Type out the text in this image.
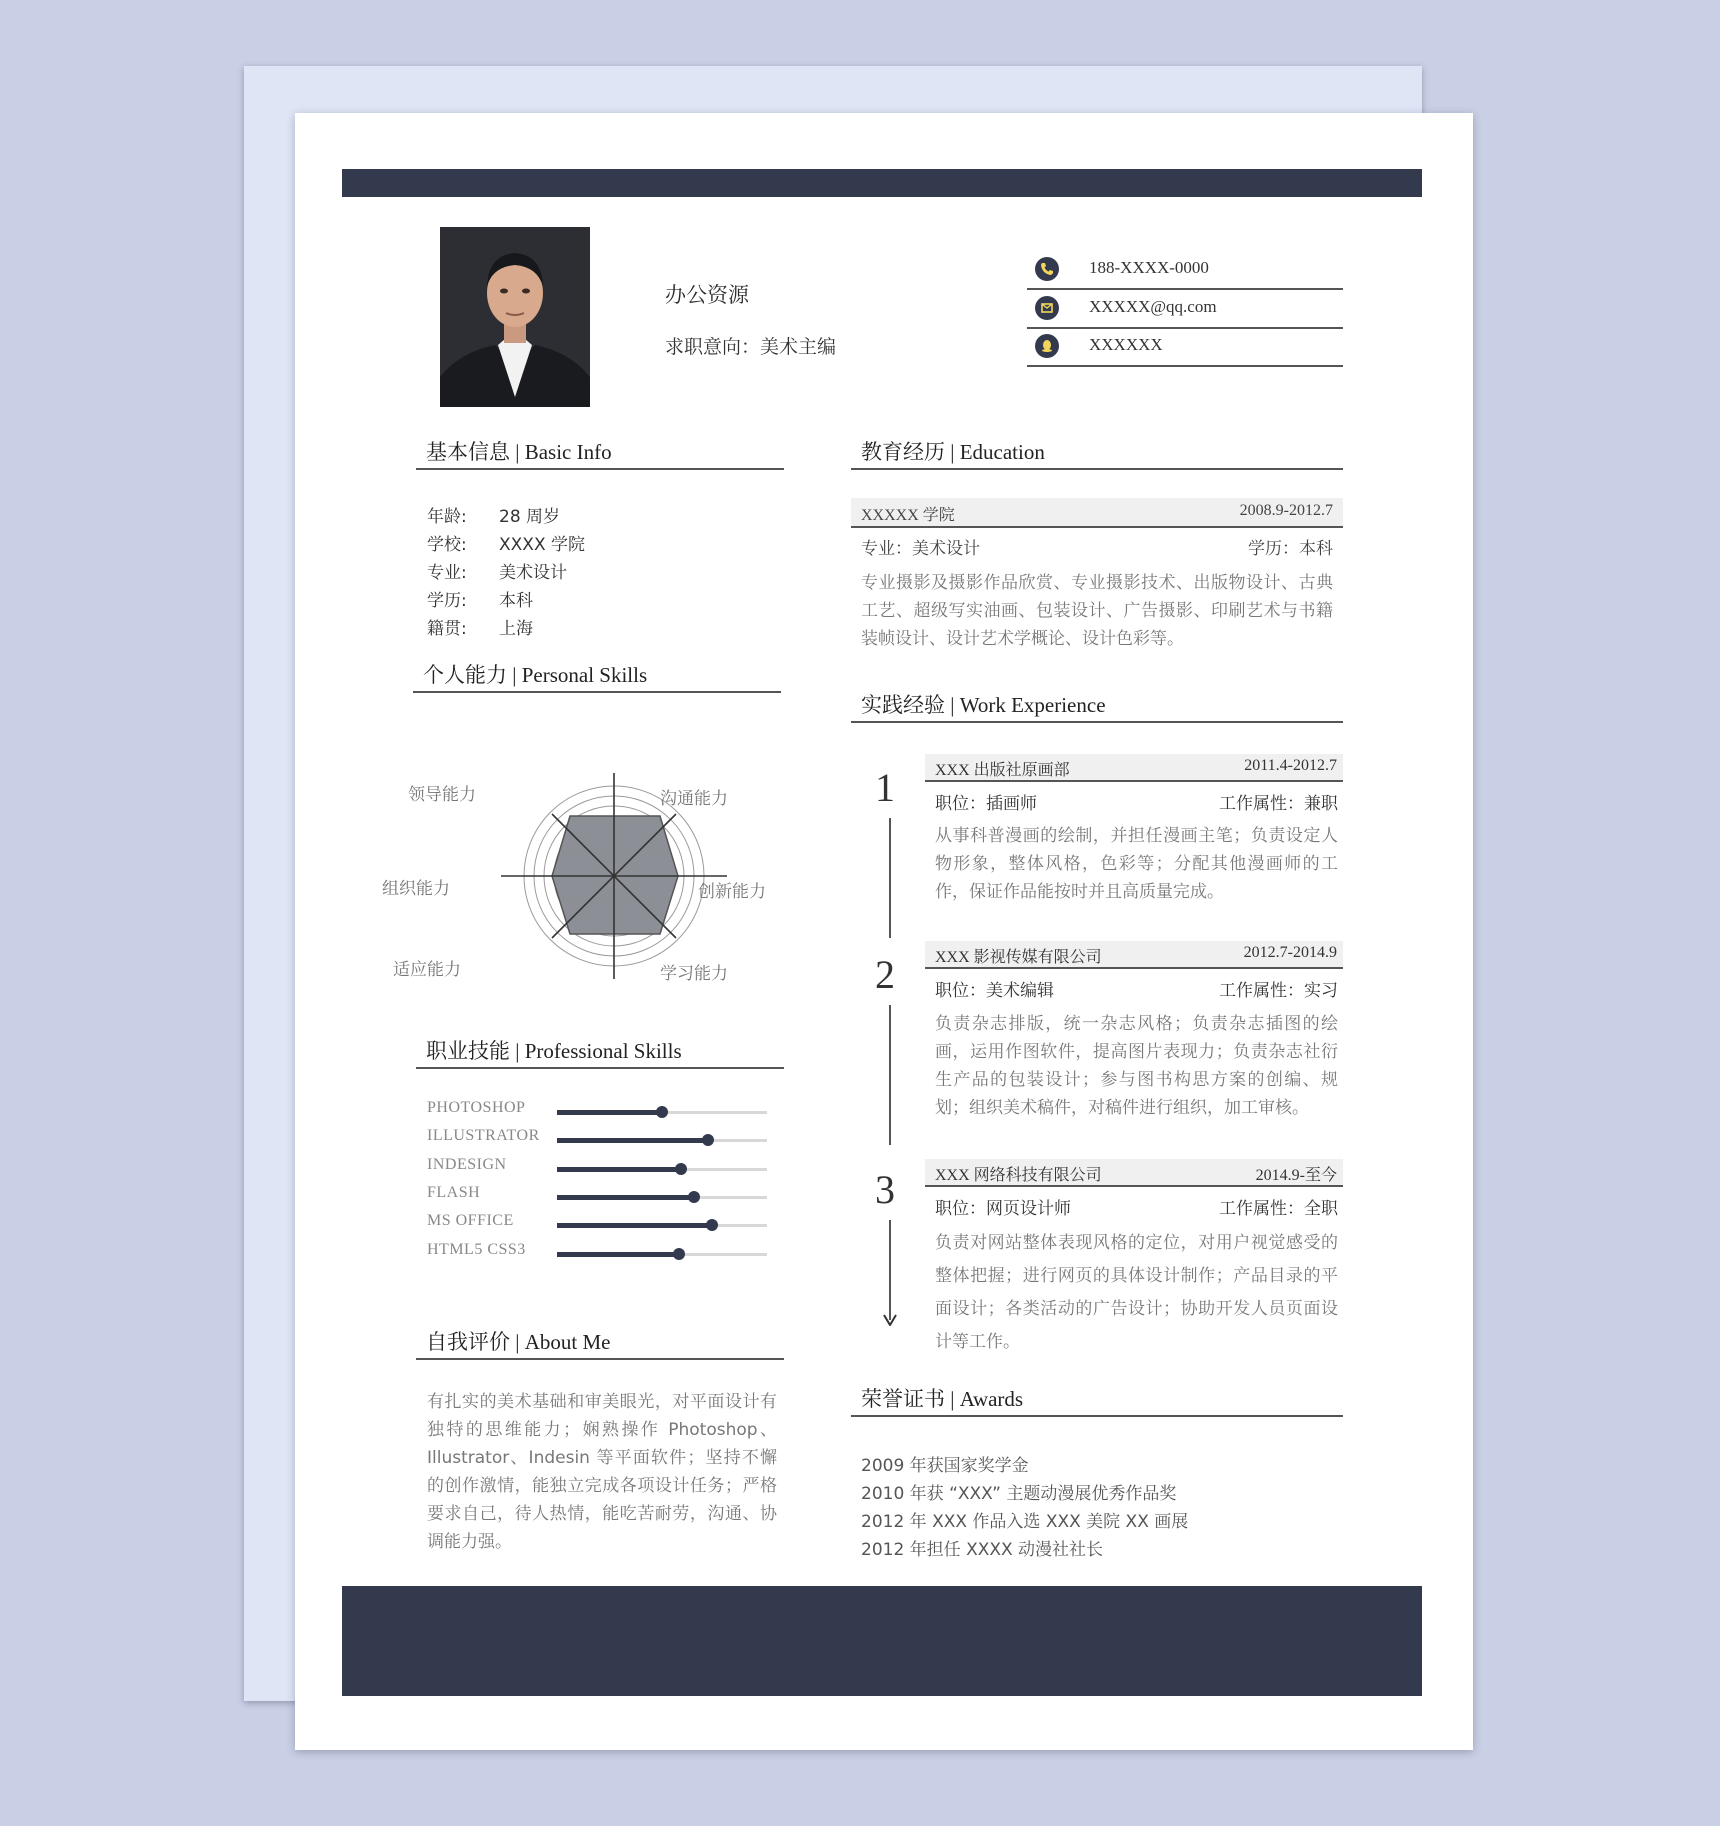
办公资源
求职意向：美术主编
188-XXXX-0000
XXXXX@qq.com
XXXXXX
基本信息 | Basic Info
年龄: 28 周岁
学校: XXXX 学院
专业: 美术设计
学历: 本科
籍贯: 上海
个人能力 | Personal Skills
领导能力	沟通能力
组织能力	创新能力
适应能力	学习能力
职业技能 | Professional Skills
PHOTOSHOP
ILLUSTRATOR
INDESIGN
FLASH
MS OFFICE
HTML5 CSS3
自我评价 | About Me
有扎实的美术基础和审美眼光，对平面设计有独特的思维能力；娴熟操作 Photoshop、Illustrator、Indesin 等平面软件；坚持不懈的创作激情，能独立完成各项设计任务；严格要求自己，待人热情，能吃苦耐劳，沟通、协调能力强。
教育经历 | Education
XXXXX 学院	2008.9-2012.7
专业：美术设计	学历：本科
专业摄影及摄影作品欣赏、专业摄影技术、出版物设计、古典工艺、超级写实油画、包装设计、广告摄影、印刷艺术与书籍装帧设计、设计艺术学概论、设计色彩等。
实践经验 | Work Experience
1
2
3
XXX 出版社原画部	2011.4-2012.7
职位：插画师	工作属性：兼职
从事科普漫画的绘制，并担任漫画主笔；负责设定人物形象，整体风格，色彩等；分配其他漫画师的工作，保证作品能按时并且高质量完成。
XXX 影视传媒有限公司	2012.7-2014.9
职位：美术编辑	工作属性：实习
负责杂志排版，统一杂志风格；负责杂志插图的绘画，运用作图软件，提高图片表现力；负责杂志社衍生产品的包装设计；参与图书构思方案的创编、规划；组织美术稿件，对稿件进行组织，加工审核。
XXX 网络科技有限公司	2014.9-至今
职位：网页设计师	工作属性：全职
负责对网站整体表现风格的定位，对用户视觉感受的整体把握；进行网页的具体设计制作；产品目录的平面设计；各类活动的广告设计；协助开发人员页面设计等工作。
荣誉证书 | Awards
2009 年获国家奖学金
2010 年获 “XXX” 主题动漫展优秀作品奖
2012 年 XXX 作品入选 XXX 美院 XX 画展
2012 年担任 XXXX 动漫社社长
